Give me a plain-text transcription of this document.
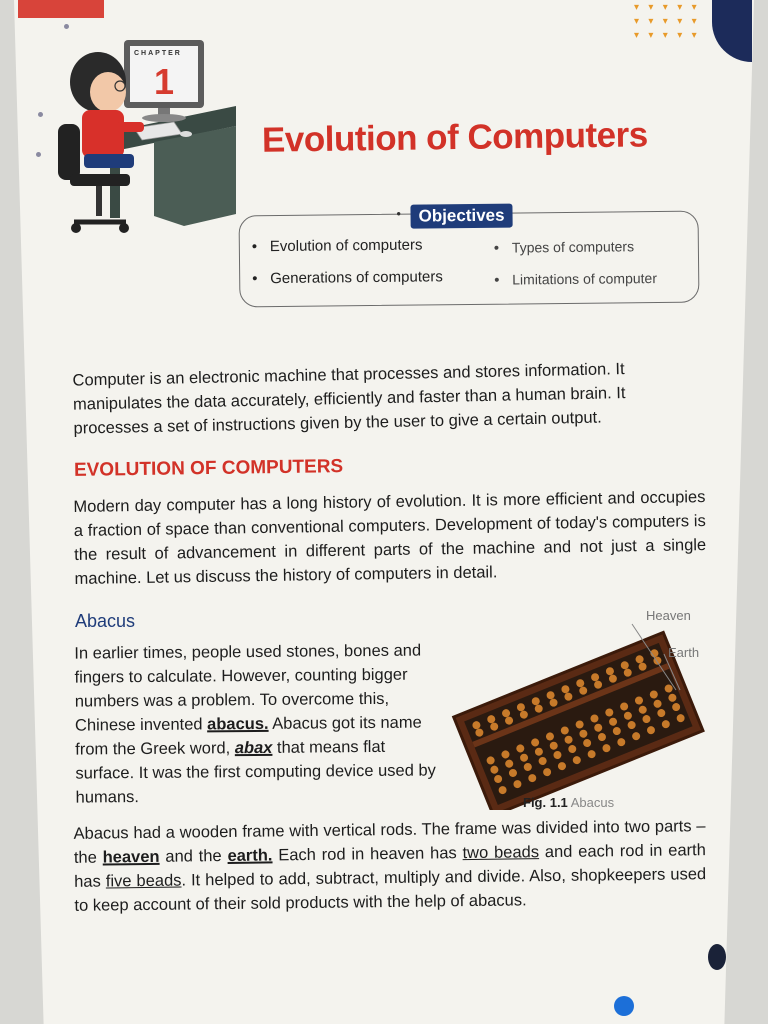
▾ ▾ ▾ ▾ ▾
▾ ▾ ▾ ▾ ▾
▾ ▾ ▾ ▾ ▾
CHAPTER
1
Evolution of Computers
• Objectives
• Evolution of computers	• Types of computers
• Generations of computers	• Limitations of computer
Computer is an electronic machine that processes and stores information. It manipulates the data accurately, efficiently and faster than a human brain. It processes a set of instructions given by the user to give a certain output.
EVOLUTION OF COMPUTERS
Modern day computer has a long history of evolution. It is more efficient and occupies a fraction of space than conventional computers. Development of today's computers is the result of advancement in different parts of the machine and not just a single machine. Let us discuss the history of computers in detail.
Abacus
In earlier times, people used stones, bones and fingers to calculate. However, counting bigger numbers was a problem. To overcome this, Chinese invented abacus. Abacus got its name from the Greek word, abax that means flat surface. It was the first computing device used by humans.
Heaven
Earth
Fig. 1.1 Abacus
Abacus had a wooden frame with vertical rods. The frame was divided into two parts – the heaven and the earth. Each rod in heaven has two beads and each rod in earth has five beads. It helped to add, subtract, multiply and divide. Also, shopkeepers used to keep account of their sold products with the help of abacus.
